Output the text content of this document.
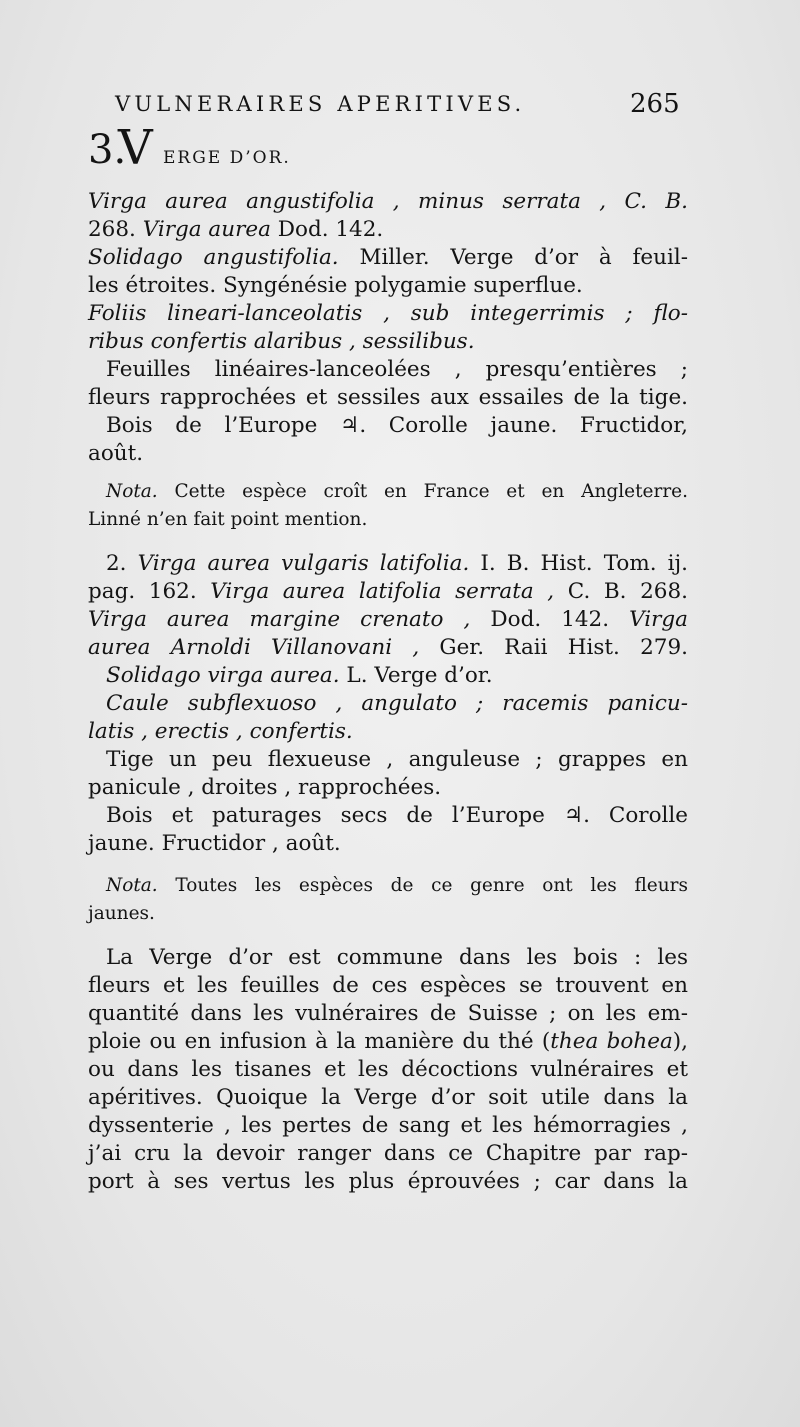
VULNERAIRES APERITIVES.	265
3.
V ERGE D’OR.
Virga aurea angustifolia , minus serrata , C. B.
268. Virga aurea Dod. 142.
Solidago angustifolia. Miller. Verge d’or à feuil-
les étroites. Syngénésie polygamie superflue.
Foliis lineari-lanceolatis , sub integerrimis ; flo-
ribus confertis alaribus , sessilibus.
Feuilles linéaires-lanceolées , presqu’entières ;
fleurs rapprochées et sessiles aux essailes de la tige.
Bois de l’Europe ♃. Corolle jaune. Fructidor,
août.
Nota. Cette espèce croît en France et en Angleterre.
Linné n’en fait point mention.
2. Virga aurea vulgaris latifolia. I. B. Hist. Tom. ij.
pag. 162. Virga aurea latifolia serrata , C. B. 268.
Virga aurea margine crenato , Dod. 142. Virga
aurea Arnoldi Villanovani , Ger. Raii Hist. 279.
Solidago virga aurea. L. Verge d’or.
Caule subflexuoso , angulato ; racemis panicu-
latis , erectis , confertis.
Tige un peu flexueuse , anguleuse ; grappes en
panicule , droites , rapprochées.
Bois et paturages secs de l’Europe ♃. Corolle
jaune. Fructidor , août.
Nota. Toutes les espèces de ce genre ont les fleurs
jaunes.
La Verge d’or est commune dans les bois : les
fleurs et les feuilles de ces espèces se trouvent en
quantité dans les vulnéraires de Suisse ; on les em-
ploie ou en infusion à la manière du thé (thea bohea),
ou dans les tisanes et les décoctions vulnéraires et
apéritives. Quoique la Verge d’or soit utile dans la
dyssenterie , les pertes de sang et les hémorragies ,
j’ai cru la devoir ranger dans ce Chapitre par rap-
port à ses vertus les plus éprouvées ; car dans la
